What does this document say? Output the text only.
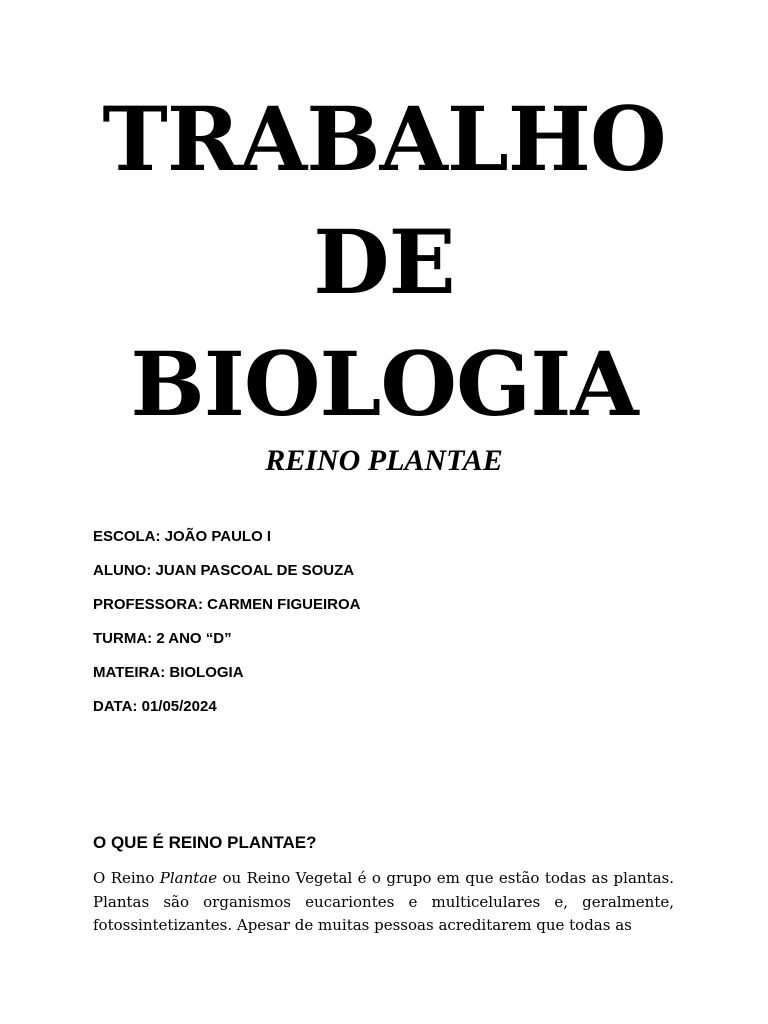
TRABALHO
DE
BIOLOGIA

REINO PLANTAE

ESCOLA: JOÃO PAULO I

ALUNO: JUAN PASCOAL DE SOUZA

PROFESSORA: CARMEN FIGUEIROA

TURMA: 2 ANO “D”

MATEIRA: BIOLOGIA

DATA: 01/05/2024

O QUE É REINO PLANTAE?

O Reino Plantae ou Reino Vegetal é o grupo em que estão todas as plantas. Plantas são organismos eucariontes e multicelulares e, geralmente, fotossintetizantes. Apesar de muitas pessoas acreditarem que todas as
